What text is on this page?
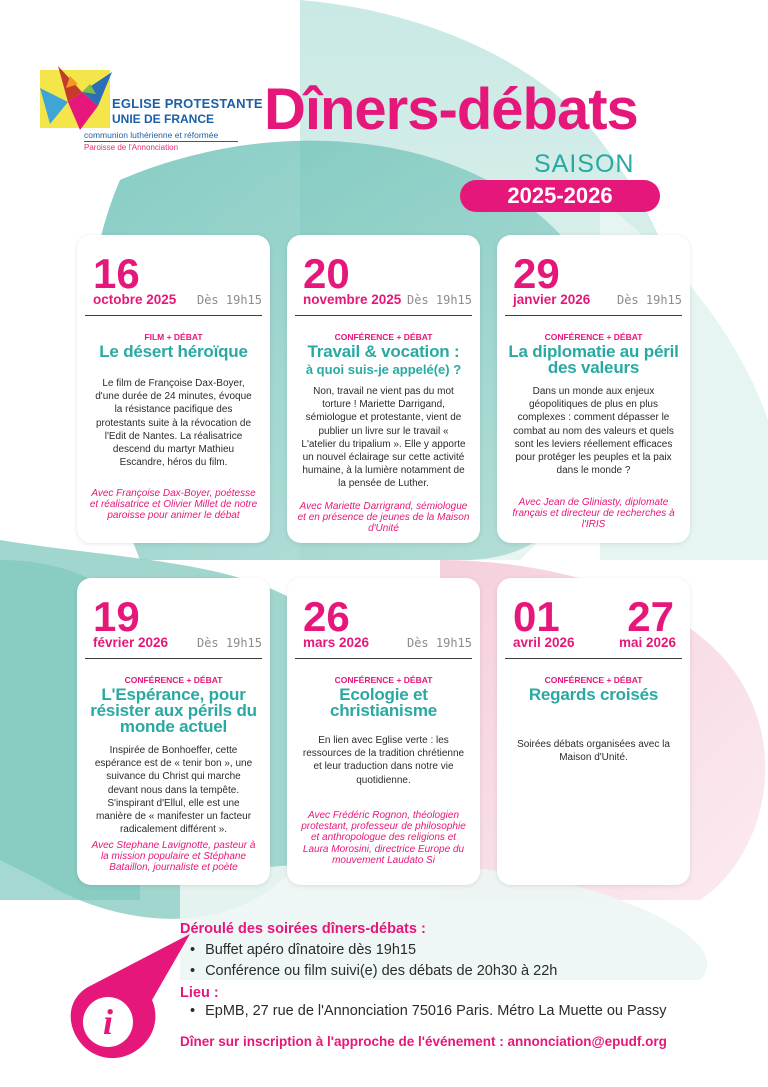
EGLISE PROTESTANTE
UNIE DE FRANCE
communion luthérienne et réformée
Paroisse de l'Annonciation
Dîners-débats
SAISON
2025-2026
16
octobre 2025 Dès 19h15
FILM + DÉBAT
Le désert héroïque
Le film de Françoise Dax-Boyer, d'une durée de 24 minutes, évoque la résistance pacifique des protestants suite à la révocation de l'Edit de Nantes. La réalisatrice descend du martyr Mathieu Escandre, héros du film.
Avec Françoise Dax-Boyer, poétesse et réalisatrice et Olivier Millet de notre paroisse pour animer le débat
20
novembre 2025 Dès 19h15
CONFÉRENCE + DÉBAT
Travail & vocation :
à quoi suis-je appelé(e) ?
Non, travail ne vient pas du mot torture ! Mariette Darrigand, sémiologue et protestante, vient de publier un livre sur le travail « L'atelier du tripalium ». Elle y apporte un nouvel éclairage sur cette activité humaine, à la lumière notamment de la pensée de Luther.
Avec Mariette Darrigrand, sémiologue et en présence de jeunes de la Maison d'Unité
29
janvier 2026 Dès 19h15
CONFÉRENCE + DÉBAT
La diplomatie au péril des valeurs
Dans un monde aux enjeux géopolitiques de plus en plus complexes : comment dépasser le combat au nom des valeurs et quels sont les leviers réellement efficaces pour protéger les peuples et la paix dans le monde ?
Avec Jean de Gliniasty, diplomate français et directeur de recherches à l'IRIS
19
février 2026 Dès 19h15
CONFÉRENCE + DÉBAT
L'Espérance, pour résister aux périls du monde actuel
Inspirée de Bonhoeffer, cette espérance est de « tenir bon », une suivance du Christ qui marche devant nous dans la tempête. S'inspirant d'Ellul, elle est une manière de « manifester un facteur radicalement différent ».
Avec Stephane Lavignotte, pasteur à la mission populaire et Stéphane Bataillon, journaliste et poète
26
mars 2026	Dès 19h15
CONFÉRENCE + DÉBAT
Ecologie et christianisme
En lien avec Eglise verte : les ressources de la tradition chrétienne et leur traduction dans notre vie quotidienne.
Avec Frédéric Rognon, théologien protestant, professeur de philosophie et anthropologue des religions et Laura Morosini, directrice Europe du mouvement Laudato Si
01 27
avril 2026	mai 2026
CONFÉRENCE + DÉBAT
Regards croisés
Soirées débats organisées avec la Maison d'Unité.
i
Déroulé des soirées dîners-débats :
• Buffet apéro dînatoire dès 19h15
• Conférence ou film suivi(e) des débats de 20h30 à 22h
Lieu :
• EpMB, 27 rue de l'Annonciation 75016 Paris. Métro La Muette ou Passy
Dîner sur inscription à l'approche de l'événement : annonciation@epudf.org
